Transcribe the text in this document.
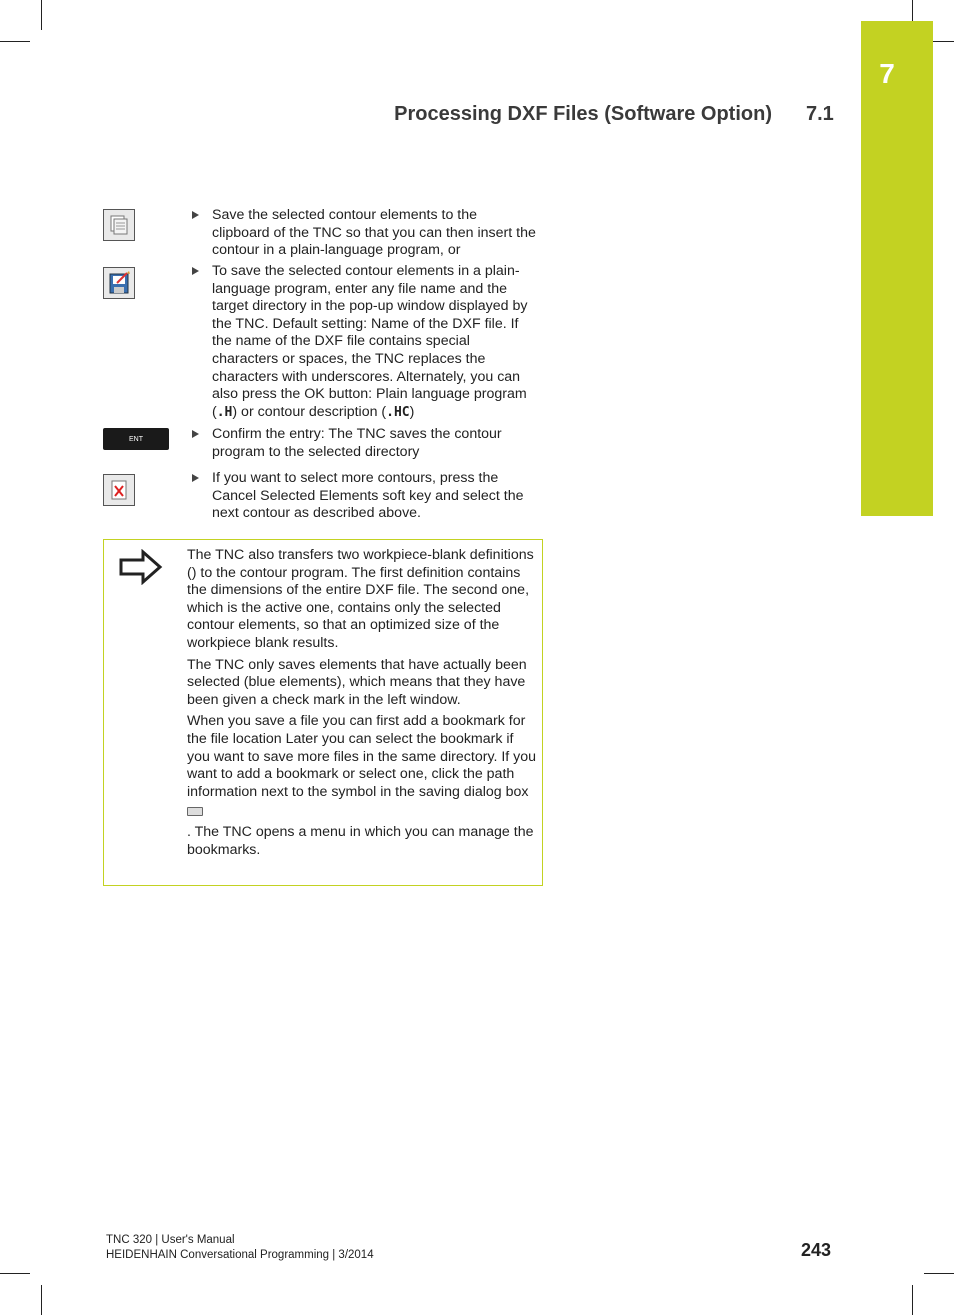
7
Processing DXF Files (Software Option) 7.1
Save the selected contour elements to the clipboard of the TNC so that you can then insert the contour in a plain-language program, or
To save the selected contour elements in a plain-language program, enter any file name and the target directory in the pop-up window displayed by the TNC. Default setting: Name of the DXF file. If the name of the DXF file contains special characters or spaces, the TNC replaces the characters with underscores. Alternately, you can also press the OK button: Plain language program (.H) or contour description (.HC)
ENT	Confirm the entry: The TNC saves the contour program to the selected directory
If you want to select more contours, press the Cancel Selected Elements soft key and select the next contour as described above.

The TNC also transfers two workpiece-blank definitions () to the contour program. The first definition contains the dimensions of the entire DXF file. The second one, which is the active one, contains only the selected contour elements, so that an optimized size of the workpiece blank results.

The TNC only saves elements that have actually been selected (blue elements), which means that they have been given a check mark in the left window.

When you save a file you can first add a bookmark for the file location Later you can select the bookmark if you want to save more files in the same directory. If you want to add a bookmark or select one, click the path information next to the symbol in the saving dialog box

. The TNC opens a menu in which you can manage the bookmarks.

TNC 320 | User's Manual
HEIDENHAIN Conversational Programming | 3/2014	243
